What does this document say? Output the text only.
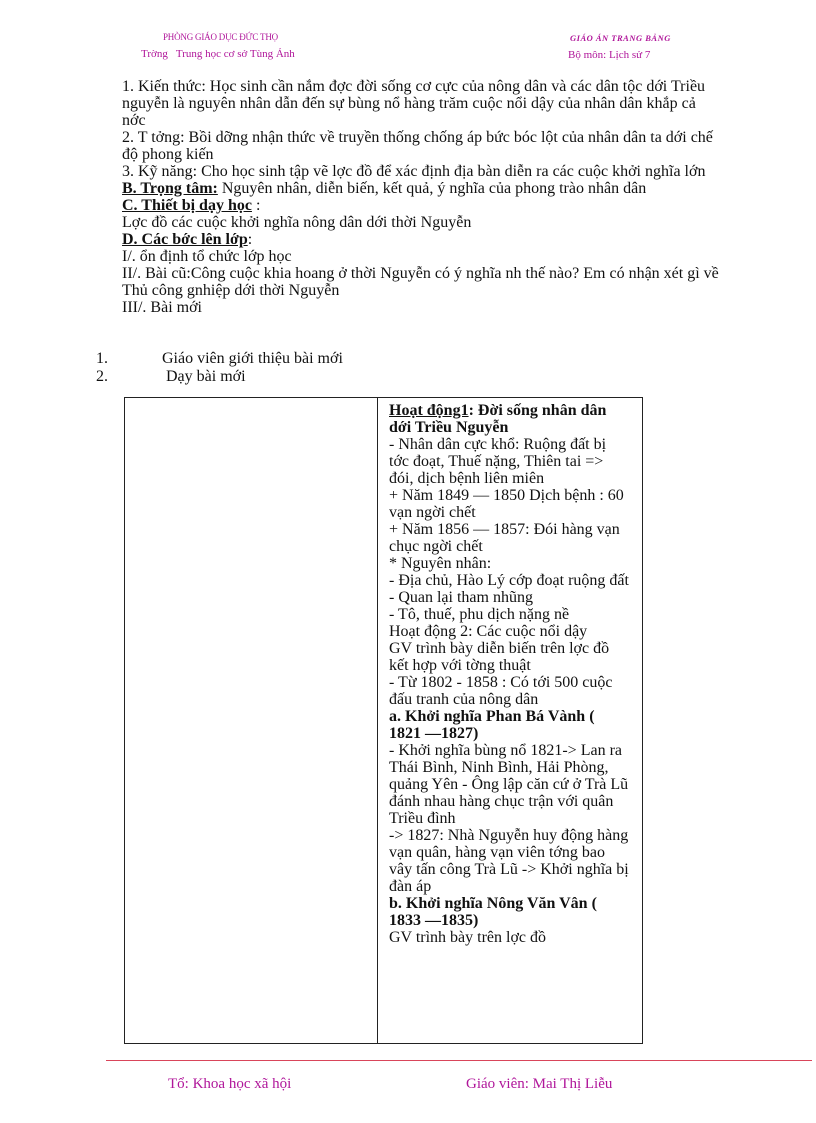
PHÒNG GIÁO DỤC ĐỨC THỌ
Trờng Trung học cơ sở Tùng Ảnh
GIÁO ÁN TRANG BẢNG
Bộ môn: Lịch sử 7

1. Kiến thức: Học sinh cần nắm đợc đời sống cơ cực của nông dân và các dân tộc dới Triều nguyễn là nguyên nhân dẫn đến sự bùng nổ hàng trăm cuộc nổi dậy của nhân dân khắp cả nớc

2. T tởng: Bồi dỡng nhận thức về truyền thống chống áp bức bóc lột của nhân dân ta dới chế độ phong kiến

3. Kỹ năng: Cho học sinh tập vẽ lợc đồ để xác định địa bàn diễn ra các cuộc khởi nghĩa lớn

B. Trọng tâm: Nguyên nhân, diễn biến, kết quả, ý nghĩa của phong trào nhân dân

C. Thiết bị dạy học :

Lợc đồ các cuộc khởi nghĩa nông dân dới thời Nguyễn

D. Các bớc lên lớp:

I/. ổn định tổ chức lớp học

II/. Bài cũ:Công cuộc khia hoang ở thời Nguyễn có ý nghĩa nh thế nào? Em có nhận xét gì về Thủ công gnhiệp dới thời Nguyễn

III/. Bài mới

1.	Giáo viên giới thiệu bài mới
2.	Dạy bài mới

Hoạt động1: Đời sống nhân dân dới Triều Nguyễn

- Nhân dân cực khổ: Ruộng đất bị tớc đoạt, Thuế nặng, Thiên tai => đói, dịch bệnh liên miên

+ Năm 1849 — 1850 Dịch bệnh : 60 vạn ngời chết

+ Năm 1856 — 1857: Đói hàng vạn chục ngời chết

* Nguyên nhân:

- Địa chủ, Hào Lý cớp đoạt ruộng đất

- Quan lại tham nhũng

- Tô, thuế, phu dịch nặng nề

Hoạt động 2: Các cuộc nổi dậy

GV trình bày diễn biến trên lợc đồ kết hợp với tờng thuật

- Từ 1802 - 1858 : Có tới 500 cuộc đấu tranh của nông dân

a. Khởi nghĩa Phan Bá Vành ( 1821 —1827)

- Khởi nghĩa bùng nổ 1821-> Lan ra Thái Bình, Ninh Bình, Hải Phòng, quảng Yên - Ông lập căn cứ ở Trà Lũ đánh nhau hàng chục trận với quân Triều đình

-> 1827: Nhà Nguyễn huy động hàng vạn quân, hàng vạn viên tớng bao vây tấn công Trà Lũ -> Khởi nghĩa bị đàn áp

b. Khởi nghĩa Nông Văn Vân ( 1833 —1835)

GV trình bày trên lợc đồ

Tổ: Khoa học xã hội	Giáo viên: Mai Thị Liễu
